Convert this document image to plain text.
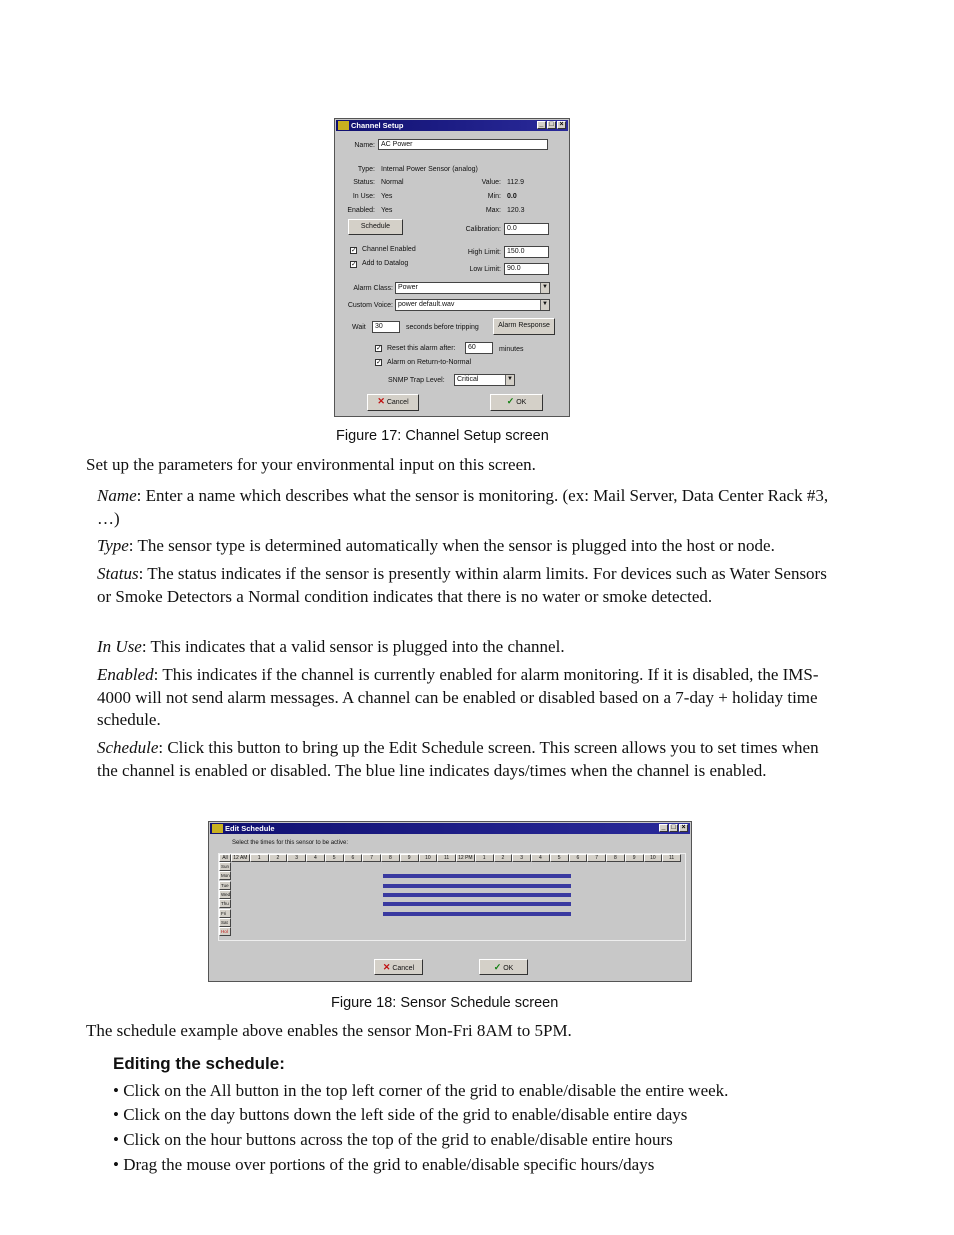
Channel Setup	_ □ ×
Name: AC Power
Type: Internal Power Sensor (analog)
Status: Normal
In Use: Yes
Enabled: Yes
Value: 112.9
Min: 0.0
Max: 120.3
Schedule	Calibration: 0.0
✓ Channel Enabled
✓ Add to Datalog
High Limit: 150.0
Low Limit: 90.0
Alarm Class: Power	▼
Custom Voice: power default.wav	▼
Wait	30	seconds before tripping	Alarm Response
✓ Reset this alarm after:	60	minutes
✓ Alarm on Return-to-Normal
SNMP Trap Level:	Critical	▼
✕ Cancel	✓ OK
Figure 17: Channel Setup screen
Set up the parameters for your environmental input on this screen.
Name: Enter a name which describes what the sensor is monitoring. (ex: Mail Server, Data Center Rack #3, …)
Type: The sensor type is determined automatically when the sensor is plugged into the host or node.
Status: The status indicates if the sensor is presently within alarm limits. For devices such as Water Sensors or Smoke Detectors a Normal condition indicates that there is no water or smoke detected.
In Use: This indicates that a valid sensor is plugged into the channel.
Enabled: This indicates if the channel is currently enabled for alarm monitoring. If it is disabled, the IMS-4000 will not send alarm messages. A channel can be enabled or disabled based on a 7-day + holiday time schedule.
Schedule: Click this button to bring up the Edit Schedule screen. This screen allows you to set times when the channel is enabled or disabled. The blue line indicates days/times when the channel is enabled.
Edit Schedule	_ □ ×
Select the times for this sensor to be active:
All	12 AM	1	2	3	4	5	6	7	8	9	10	11	12 PM	1	2	3	4	5	6	7	8	9	10	11
Sun
Mon
Tue
Wed
Thu
Fri
Sat
Hol
✕ Cancel	✓ OK
Figure 18: Sensor Schedule screen
The schedule example above enables the sensor Mon-Fri 8AM to 5PM.
Editing the schedule:
• Click on the All button in the top left corner of the grid to enable/disable the entire week.
• Click on the day buttons down the left side of the grid to enable/disable entire days
• Click on the hour buttons across the top of the grid to enable/disable entire hours
• Drag the mouse over portions of the grid to enable/disable specific hours/days
